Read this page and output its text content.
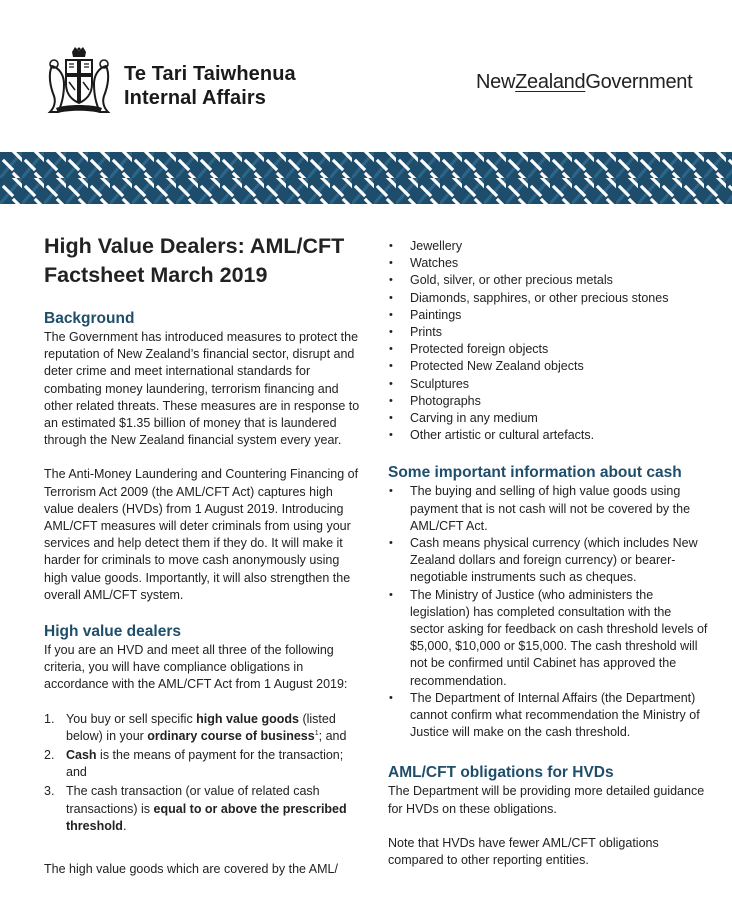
Te Tari Taiwhenua
Internal Affairs
NewZealandGovernment
High Value Dealers: AML/CFT
Factsheet March 2019
Background

The Government has introduced measures to protect the reputation of New Zealand’s financial sector, disrupt and deter crime and meet international standards for combating money laundering, terrorism financing and other related threats. These measures are in response to an estimated $1.35 billion of money that is laundered through the New Zealand financial system every year.

The Anti-Money Laundering and Countering Financing of Terrorism Act 2009 (the AML/CFT Act) captures high value dealers (HVDs) from 1 August 2019. Introducing AML/CFT measures will deter criminals from using your services and help detect them if they do. It will make it harder for criminals to move cash anonymously using high value goods. Importantly, it will also strengthen the overall AML/CFT system.

High value dealers

If you are an HVD and meet all three of the following criteria, you will have compliance obligations in accordance with the AML/CFT Act from 1 August 2019:

1. You buy or sell specific high value goods (listed below) in your ordinary course of business$^1$; and
2. Cash is the means of payment for the transaction; and
3. The cash transaction (or value of related cash transactions) is equal to or above the prescribed threshold.

The high value goods which are covered by the AML/

• Jewellery
• Watches
• Gold, silver, or other precious metals
• Diamonds, sapphires, or other precious stones
• Paintings
• Prints
• Protected foreign objects
• Protected New Zealand objects
• Sculptures
• Photographs
• Carving in any medium
• Other artistic or cultural artefacts.
Some important information about cash
• The buying and selling of high value goods using payment that is not cash will not be covered by the AML/CFT Act.
• Cash means physical currency (which includes New Zealand dollars and foreign currency) or bearer-negotiable instruments such as cheques.
• The Ministry of Justice (who administers the legislation) has completed consultation with the sector asking for feedback on cash threshold levels of $5,000, $10,000 or $15,000. The cash threshold will not be confirmed until Cabinet has approved the recommendation.
• The Department of Internal Affairs (the Department) cannot confirm what recommendation the Ministry of Justice will make on the cash threshold.
AML/CFT obligations for HVDs

The Department will be providing more detailed guidance for HVDs on these obligations.

Note that HVDs have fewer AML/CFT obligations compared to other reporting entities.
